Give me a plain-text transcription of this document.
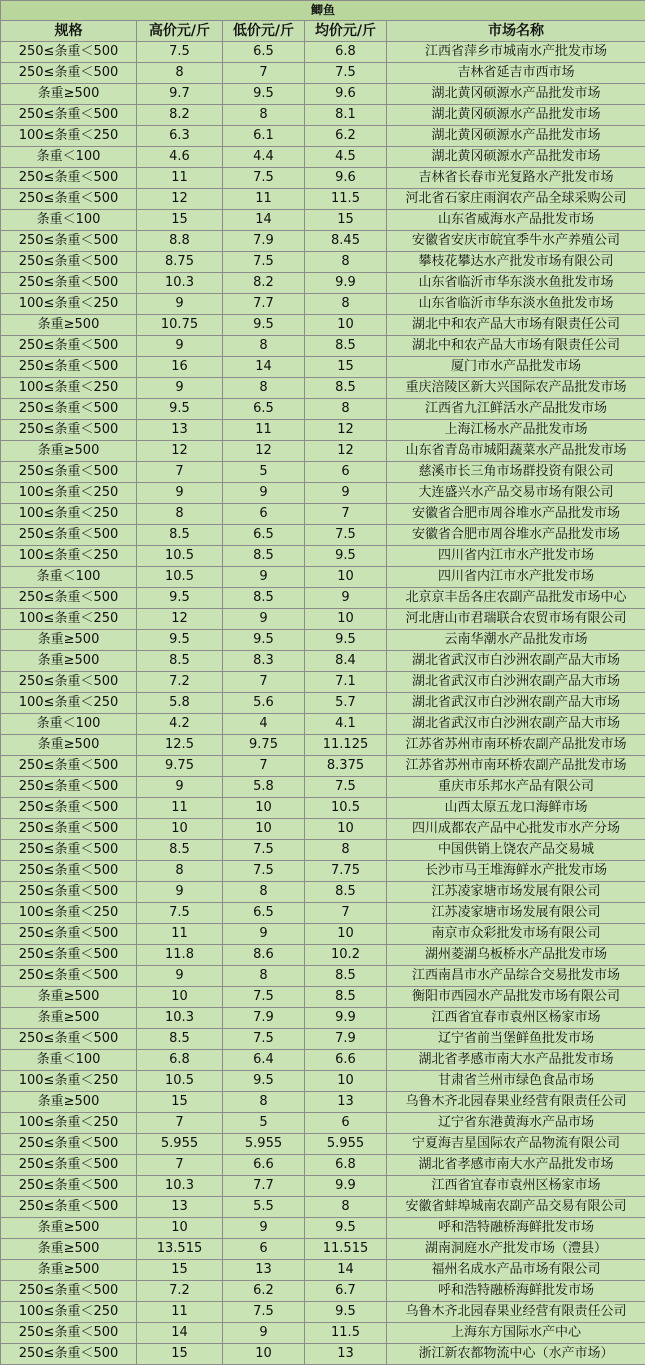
鲫鱼				
规格	高价元/斤	低价元/斤	均价元/斤	市场名称
250≤条重＜500	7.5	6.5	6.8	江西省萍乡市城南水产批发市场
250≤条重＜500	8	7	7.5	吉林省延吉市西市场
条重≥500	9.7	9.5	9.6	湖北黄冈硕源水产品批发市场
250≤条重＜500	8.2	8	8.1	湖北黄冈硕源水产品批发市场
100≤条重＜250	6.3	6.1	6.2	湖北黄冈硕源水产品批发市场
条重＜100	4.6	4.4	4.5	湖北黄冈硕源水产品批发市场
250≤条重＜500	11	7.5	9.6	吉林省长春市光复路水产批发市场
250≤条重＜500	12	11	11.5	河北省石家庄雨润农产品全球采购公司
条重＜100	15	14	15	山东省威海水产品批发市场
250≤条重＜500	8.8	7.9	8.45	安徽省安庆市皖宜季牛水产养殖公司
250≤条重＜500	8.75	7.5	8	攀枝花攀达水产批发市场有限公司
250≤条重＜500	10.3	8.2	9.9	山东省临沂市华东淡水鱼批发市场
100≤条重＜250	9	7.7	8	山东省临沂市华东淡水鱼批发市场
条重≥500	10.75	9.5	10	湖北中和农产品大市场有限责任公司
250≤条重＜500	9	8	8.5	湖北中和农产品大市场有限责任公司
250≤条重＜500	16	14	15	厦门市水产品批发市场
100≤条重＜250	9	8	8.5	重庆涪陵区新大兴国际农产品批发市场
250≤条重＜500	9.5	6.5	8	江西省九江鲜活水产品批发市场
250≤条重＜500	13	11	12	上海江杨水产品批发市场
条重≥500	12	12	12	山东省青岛市城阳蔬菜水产品批发市场
250≤条重＜500	7	5	6	慈溪市长三角市场群投资有限公司
100≤条重＜250	9	9	9	大连盛兴水产品交易市场有限公司
100≤条重＜250	8	6	7	安徽省合肥市周谷堆水产品批发市场
250≤条重＜500	8.5	6.5	7.5	安徽省合肥市周谷堆水产品批发市场
100≤条重＜250	10.5	8.5	9.5	四川省内江市水产批发市场
条重＜100	10.5	9	10	四川省内江市水产批发市场
250≤条重＜500	9.5	8.5	9	北京京丰岳各庄农副产品批发市场中心
100≤条重＜250	12	9	10	河北唐山市君瑞联合农贸市场有限公司
条重≥500	9.5	9.5	9.5	云南华潮水产品批发市场
条重≥500	8.5	8.3	8.4	湖北省武汉市白沙洲农副产品大市场
250≤条重＜500	7.2	7	7.1	湖北省武汉市白沙洲农副产品大市场
100≤条重＜250	5.8	5.6	5.7	湖北省武汉市白沙洲农副产品大市场
条重＜100	4.2	4	4.1	湖北省武汉市白沙洲农副产品大市场
条重≥500	12.5	9.75	11.125	江苏省苏州市南环桥农副产品批发市场
250≤条重＜500	9.75	7	8.375	江苏省苏州市南环桥农副产品批发市场
250≤条重＜500	9	5.8	7.5	重庆市乐邦水产品有限公司
250≤条重＜500	11	10	10.5	山西太原五龙口海鲜市场
250≤条重＜500	10	10	10	四川成都农产品中心批发市水产分场
250≤条重＜500	8.5	7.5	8	中国供销上饶农产品交易城
250≤条重＜500	8	7.5	7.75	长沙市马王堆海鲜水产批发市场
250≤条重＜500	9	8	8.5	江苏凌家塘市场发展有限公司
100≤条重＜250	7.5	6.5	7	江苏凌家塘市场发展有限公司
250≤条重＜500	11	9	10	南京市众彩批发市场有限公司
250≤条重＜500	11.8	8.6	10.2	湖州菱湖乌板桥水产品批发市场
250≤条重＜500	9	8	8.5	江西南昌市水产品综合交易批发市场
条重≥500	10	7.5	8.5	衡阳市西园水产品批发市场有限公司
条重≥500	10.3	7.9	9.9	江西省宜春市袁州区杨家市场
250≤条重＜500	8.5	7.5	7.9	辽宁省前当堡鲜鱼批发市场
条重＜100	6.8	6.4	6.6	湖北省孝感市南大水产品批发市场
100≤条重＜250	10.5	9.5	10	甘肃省兰州市绿色食品市场
条重≥500	15	8	13	乌鲁木齐北园春果业经营有限责任公司
100≤条重＜250	7	5	6	辽宁省东港黄海水产品市场
250≤条重＜500	5.955	5.955	5.955	宁夏海吉星国际农产品物流有限公司
250≤条重＜500	7	6.6	6.8	湖北省孝感市南大水产品批发市场
250≤条重＜500	10.3	7.7	9.9	江西省宜春市袁州区杨家市场
250≤条重＜500	13	5.5	8	安徽省蚌埠城南农副产品交易有限公司
条重≥500	10	9	9.5	呼和浩特融桥海鲜批发市场
条重≥500	13.515	6	11.515	湖南洞庭水产批发市场（澧县）
条重≥500	15	13	14	福州名成水产品市场有限公司
250≤条重＜500	7.2	6.2	6.7	呼和浩特融桥海鲜批发市场
100≤条重＜250	11	7.5	9.5	乌鲁木齐北园春果业经营有限责任公司
250≤条重＜500	14	9	11.5	上海东方国际水产中心
250≤条重＜500	15	10	13	浙江新农都物流中心（水产市场）
